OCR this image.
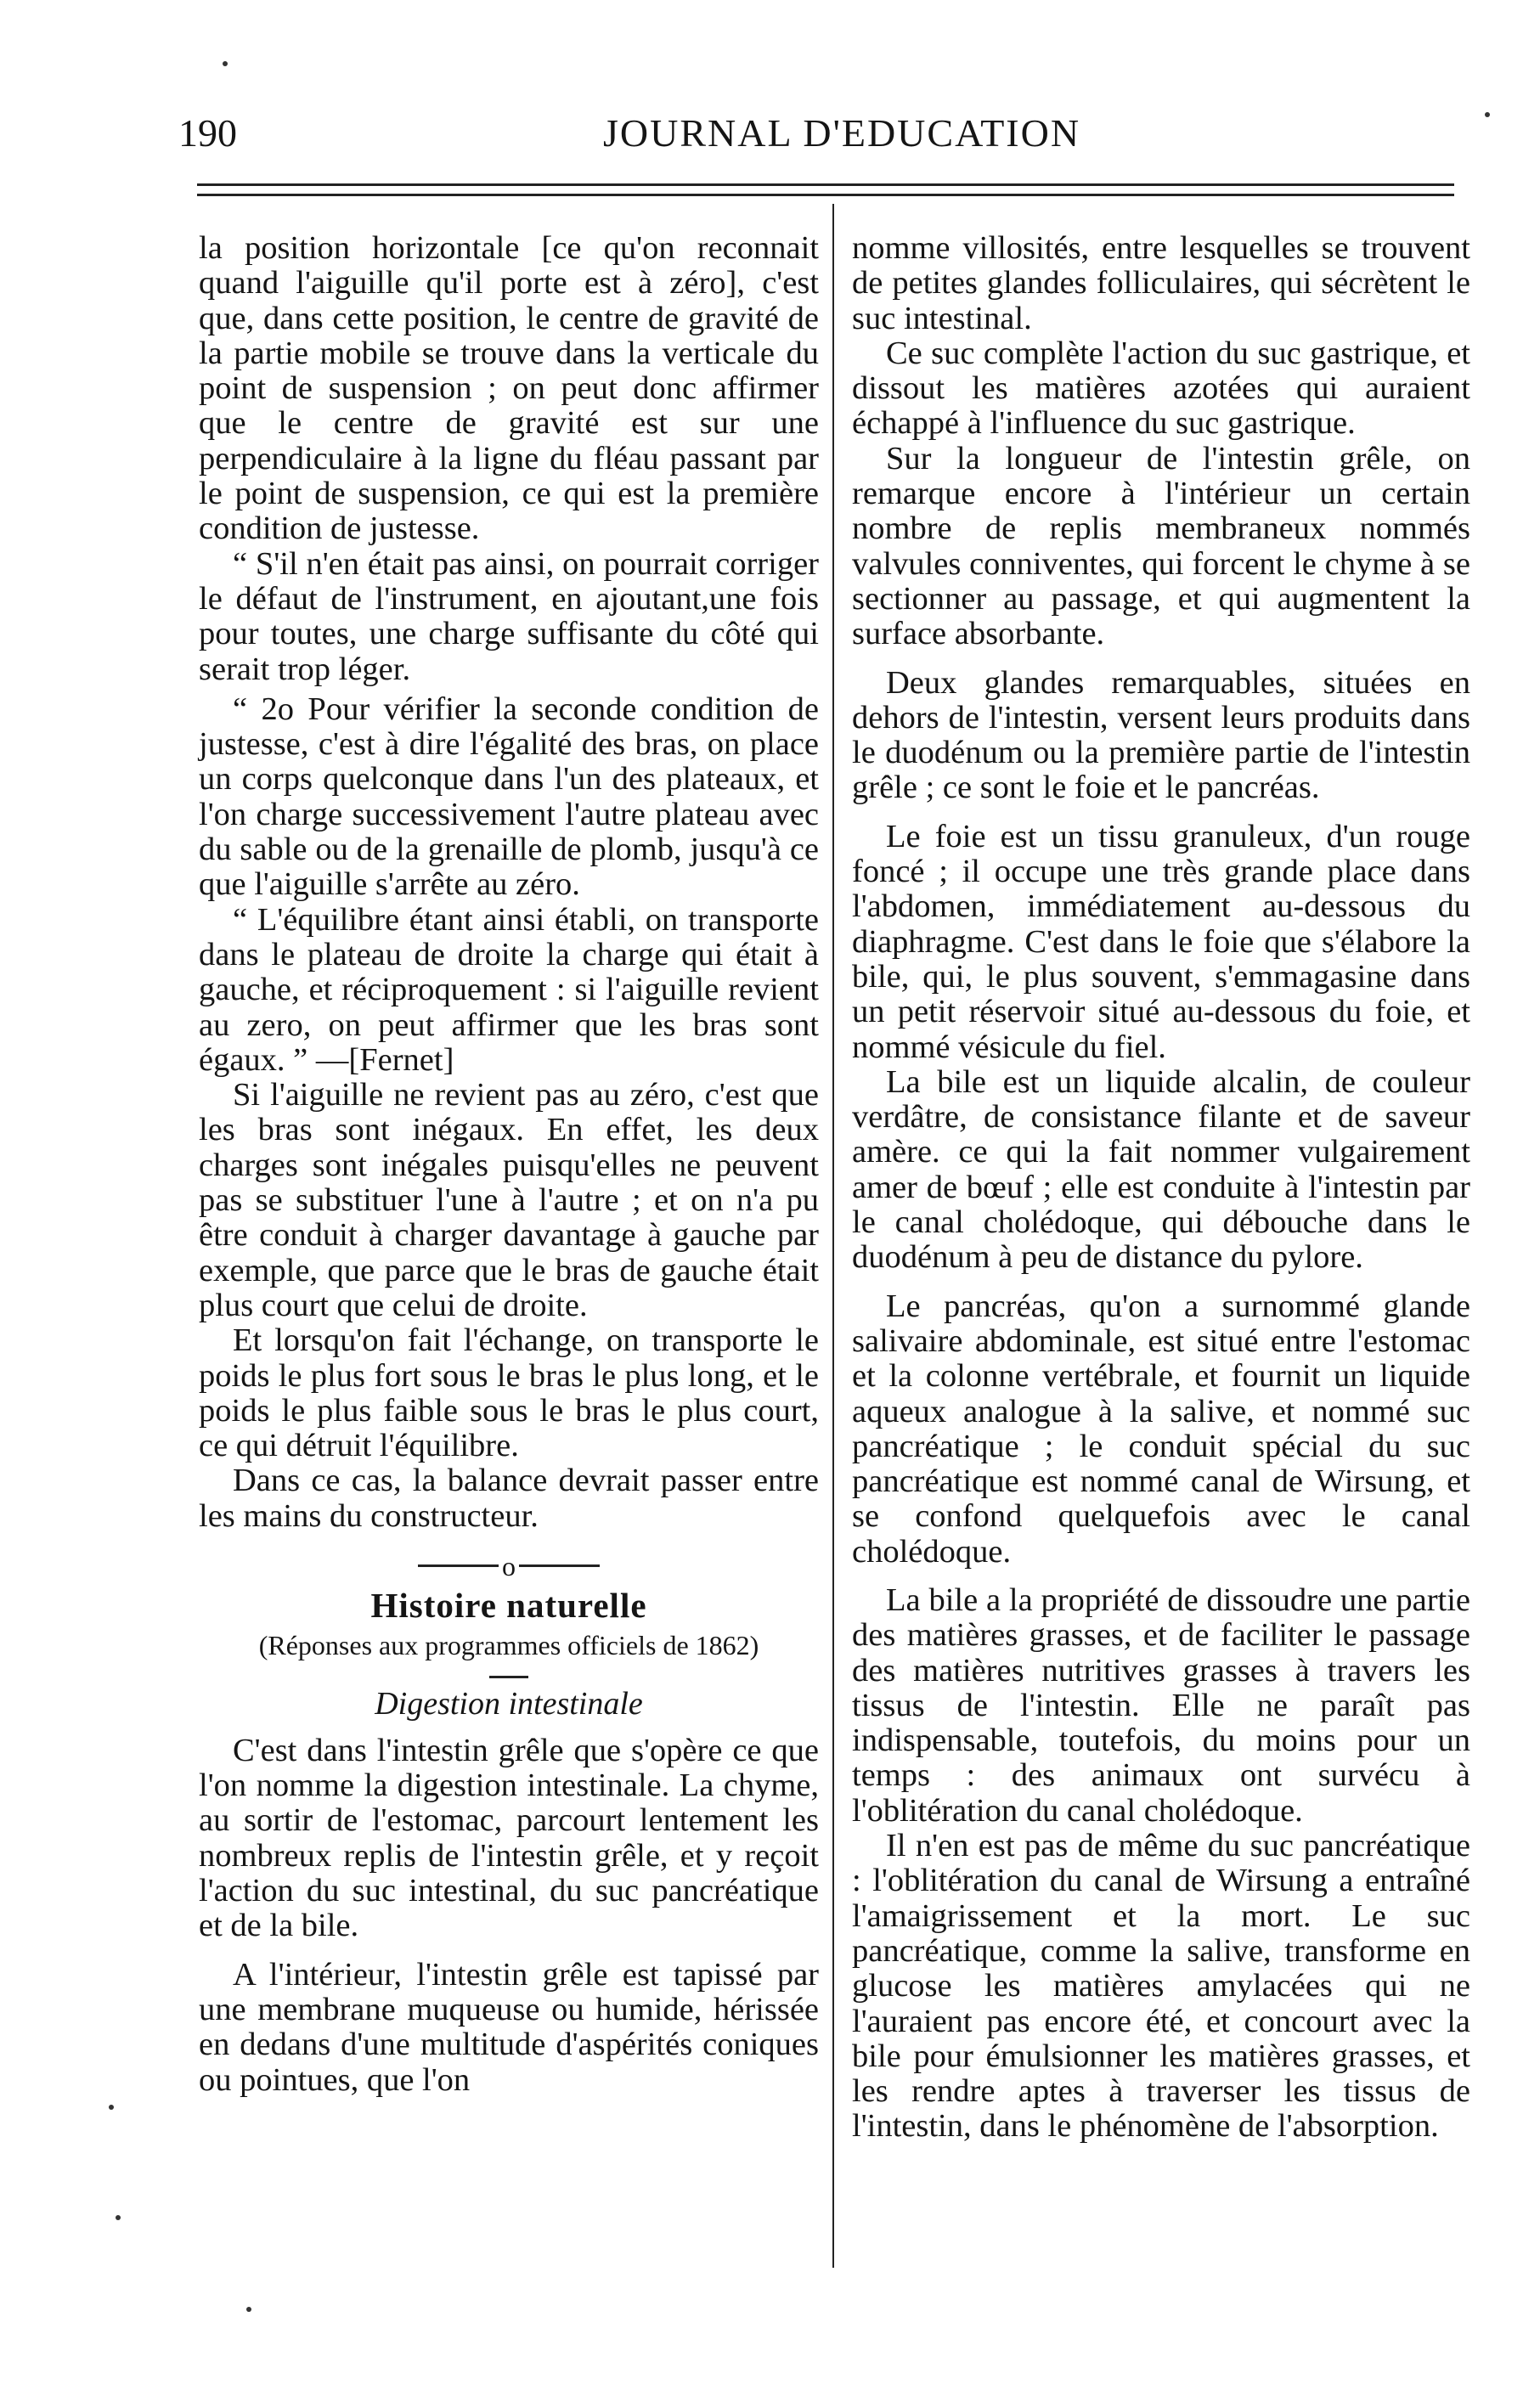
190	JOURNAL D'EDUCATION

la position horizontale [ce qu'on reconnait quand l'aiguille qu'il porte est à zéro], c'est que, dans cette position, le centre de gravité de la partie mobile se trouve dans la verticale du point de suspension ; on peut donc affirmer que le centre de gravité est sur une perpendiculaire à la ligne du fléau passant par le point de suspension, ce qui est la première condition de justesse.

“ S'il n'en était pas ainsi, on pourrait corriger le défaut de l'instrument, en ajoutant,une fois pour toutes, une charge suffisante du côté qui serait trop léger.

“ 2o Pour vérifier la seconde condition de justesse, c'est à dire l'égalité des bras, on place un corps quelconque dans l'un des plateaux, et l'on charge successivement l'autre plateau avec du sable ou de la grenaille de plomb, jusqu'à ce que l'aiguille s'arrête au zéro.

“ L'équilibre étant ainsi établi, on transporte dans le plateau de droite la charge qui était à gauche, et réciproquement : si l'aiguille revient au zero, on peut affirmer que les bras sont égaux. ” —[Fernet]

Si l'aiguille ne revient pas au zéro, c'est que les bras sont inégaux. En effet, les deux charges sont inégales puisqu'elles ne peuvent pas se substituer l'une à l'autre ; et on n'a pu être conduit à charger davantage à gauche par exemple, que parce que le bras de gauche était plus court que celui de droite.

Et lorsqu'on fait l'échange, on transporte le poids le plus fort sous le bras le plus long, et le poids le plus faible sous le bras le plus court, ce qui détruit l'équilibre.

Dans ce cas, la balance devrait passer entre les mains du constructeur.

o
Histoire naturelle
(Réponses aux programmes officiels de 1862)
Digestion intestinale

C'est dans l'intestin grêle que s'opère ce que l'on nomme la digestion intestinale. La chyme, au sortir de l'estomac, parcourt lentement les nombreux replis de l'intestin grêle, et y reçoit l'action du suc intestinal, du suc pancréatique et de la bile.

A l'intérieur, l'intestin grêle est tapissé par une membrane muqueuse ou humide, hérissée en dedans d'une multitude d'aspérités coniques ou pointues, que l'on

nomme villosités, entre lesquelles se trouvent de petites glandes folliculaires, qui sécrètent le suc intestinal.

Ce suc complète l'action du suc gastrique, et dissout les matières azotées qui auraient échappé à l'influence du suc gastrique.

Sur la longueur de l'intestin grêle, on remarque encore à l'intérieur un certain nombre de replis membraneux nommés valvules conniventes, qui forcent le chyme à se sectionner au passage, et qui augmentent la surface absorbante.

Deux glandes remarquables, situées en dehors de l'intestin, versent leurs produits dans le duodénum ou la première partie de l'intestin grêle ; ce sont le foie et le pancréas.

Le foie est un tissu granuleux, d'un rouge foncé ; il occupe une très grande place dans l'abdomen, immédiatement au-dessous du diaphragme. C'est dans le foie que s'élabore la bile, qui, le plus souvent, s'emmagasine dans un petit réservoir situé au-dessous du foie, et nommé vésicule du fiel.

La bile est un liquide alcalin, de couleur verdâtre, de consistance filante et de saveur amère. ce qui la fait nommer vulgairement amer de bœuf ; elle est conduite à l'intestin par le canal cholédoque, qui débouche dans le duodénum à peu de distance du pylore.

Le pancréas, qu'on a surnommé glande salivaire abdominale, est situé entre l'estomac et la colonne vertébrale, et fournit un liquide aqueux analogue à la salive, et nommé suc pancréatique ; le conduit spécial du suc pancréatique est nommé canal de Wirsung, et se confond quelquefois avec le canal cholédoque.

La bile a la propriété de dissoudre une partie des matières grasses, et de faciliter le passage des matières nutritives grasses à travers les tissus de l'intestin. Elle ne paraît pas indispensable, toutefois, du moins pour un temps : des animaux ont survécu à l'oblitération du canal cholédoque.

Il n'en est pas de même du suc pancréatique : l'oblitération du canal de Wirsung a entraîné l'amaigrissement et la mort. Le suc pancréatique, comme la salive, transforme en glucose les matières amylacées qui ne l'auraient pas encore été, et concourt avec la bile pour émulsionner les matières grasses, et les rendre aptes à traverser les tissus de l'intestin, dans le phénomène de l'absorption.
